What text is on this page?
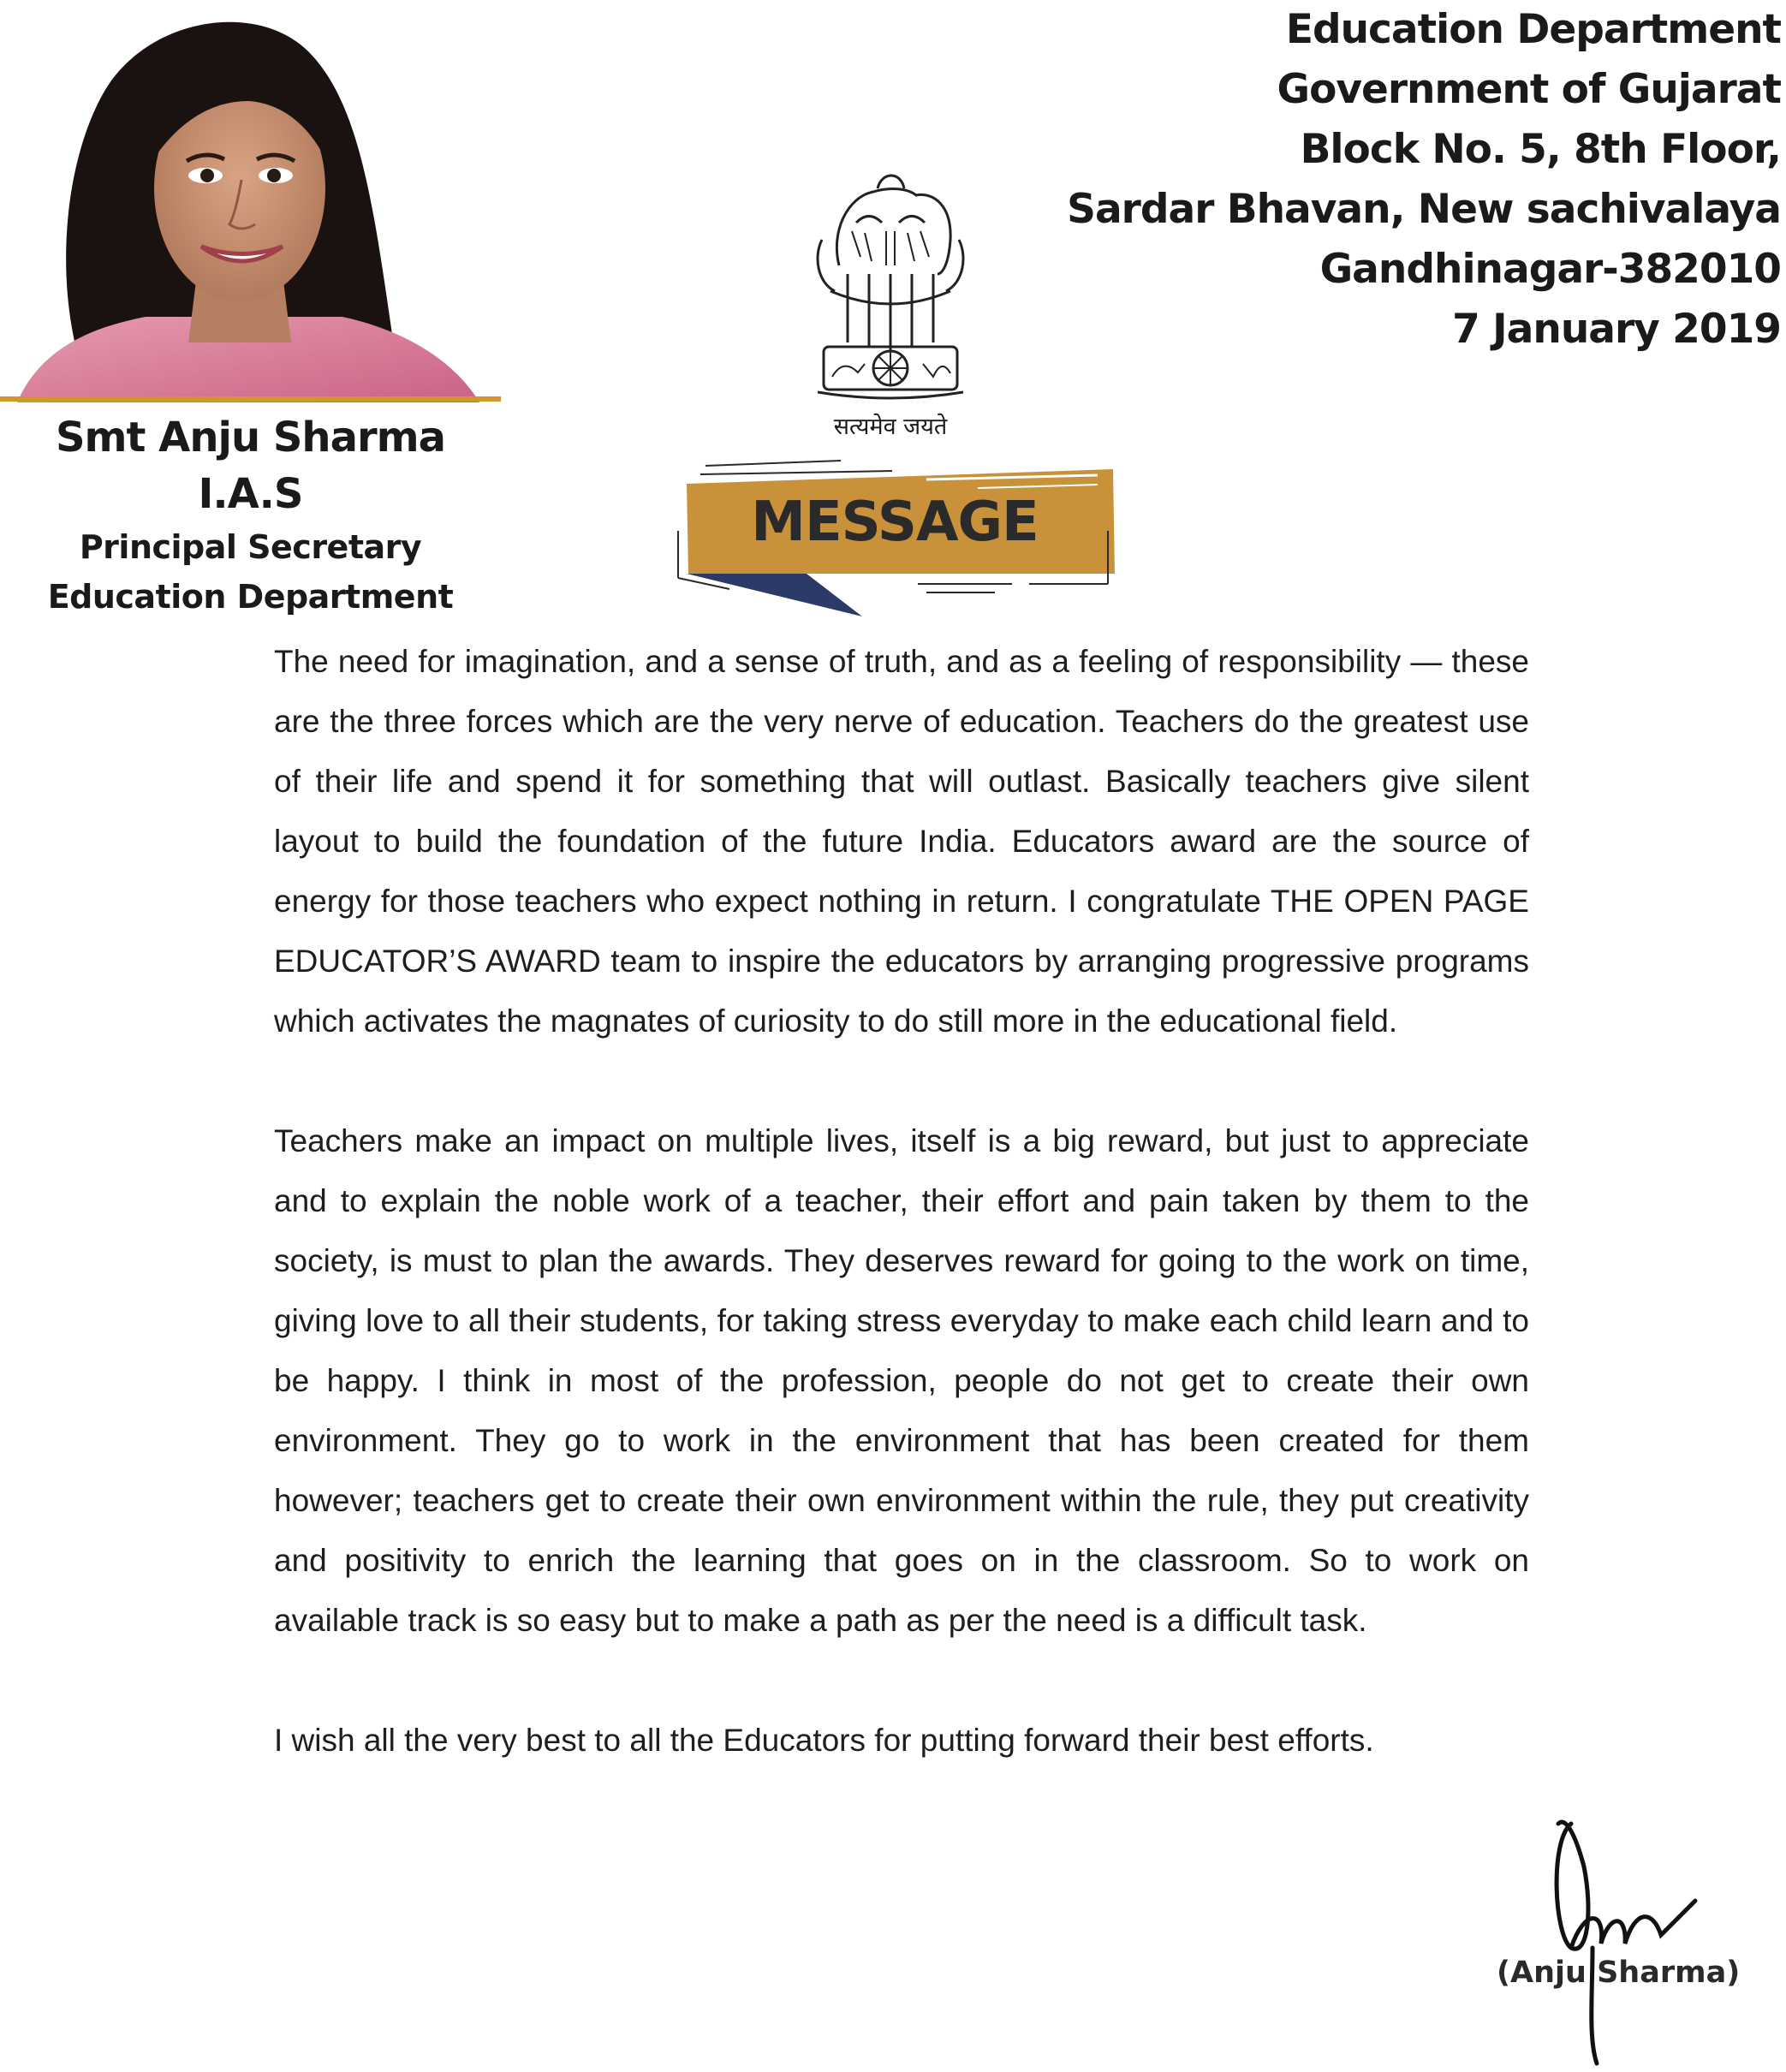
Smt Anju Sharma I.A.S
Principal Secretary
Education Department
Education Department
Government of Gujarat
Block No. 5, 8th Floor,
Sardar Bhavan, New sachivalaya
Gandhinagar-382010
7 January 2019
सत्यमेव जयते
MESSAGE

The need for imagination, and a sense of truth, and as a feeling of responsibility — these are the three forces which are the very nerve of education. Teachers do the greatest use of their life and spend it for something that will outlast. Basically teachers give silent layout to build the foundation of the future India. Educators award are the source of energy for those teachers who expect nothing in return. I congratulate THE OPEN PAGE EDUCATOR’S AWARD team to inspire the educators by arranging progressive programs which activates the magnates of curiosity to do still more in the educational field.

Teachers make an impact on multiple lives, itself is a big reward, but just to appreciate and to explain the noble work of a teacher, their effort and pain taken by them to the society, is must to plan the awards. They deserves reward for going to the work on time, giving love to all their students, for taking stress everyday to make each child learn and to be happy. I think in most of the profession, people do not get to create their own environment. They go to work in the environment that has been created for them however; teachers get to create their own environment within the rule, they put creativity and positivity to enrich the learning that goes on in the classroom. So to work on available track is so easy but to make a path as per the need is a difficult task.

I wish all the very best to all the Educators for putting forward their best efforts.

(Anju Sharma)
